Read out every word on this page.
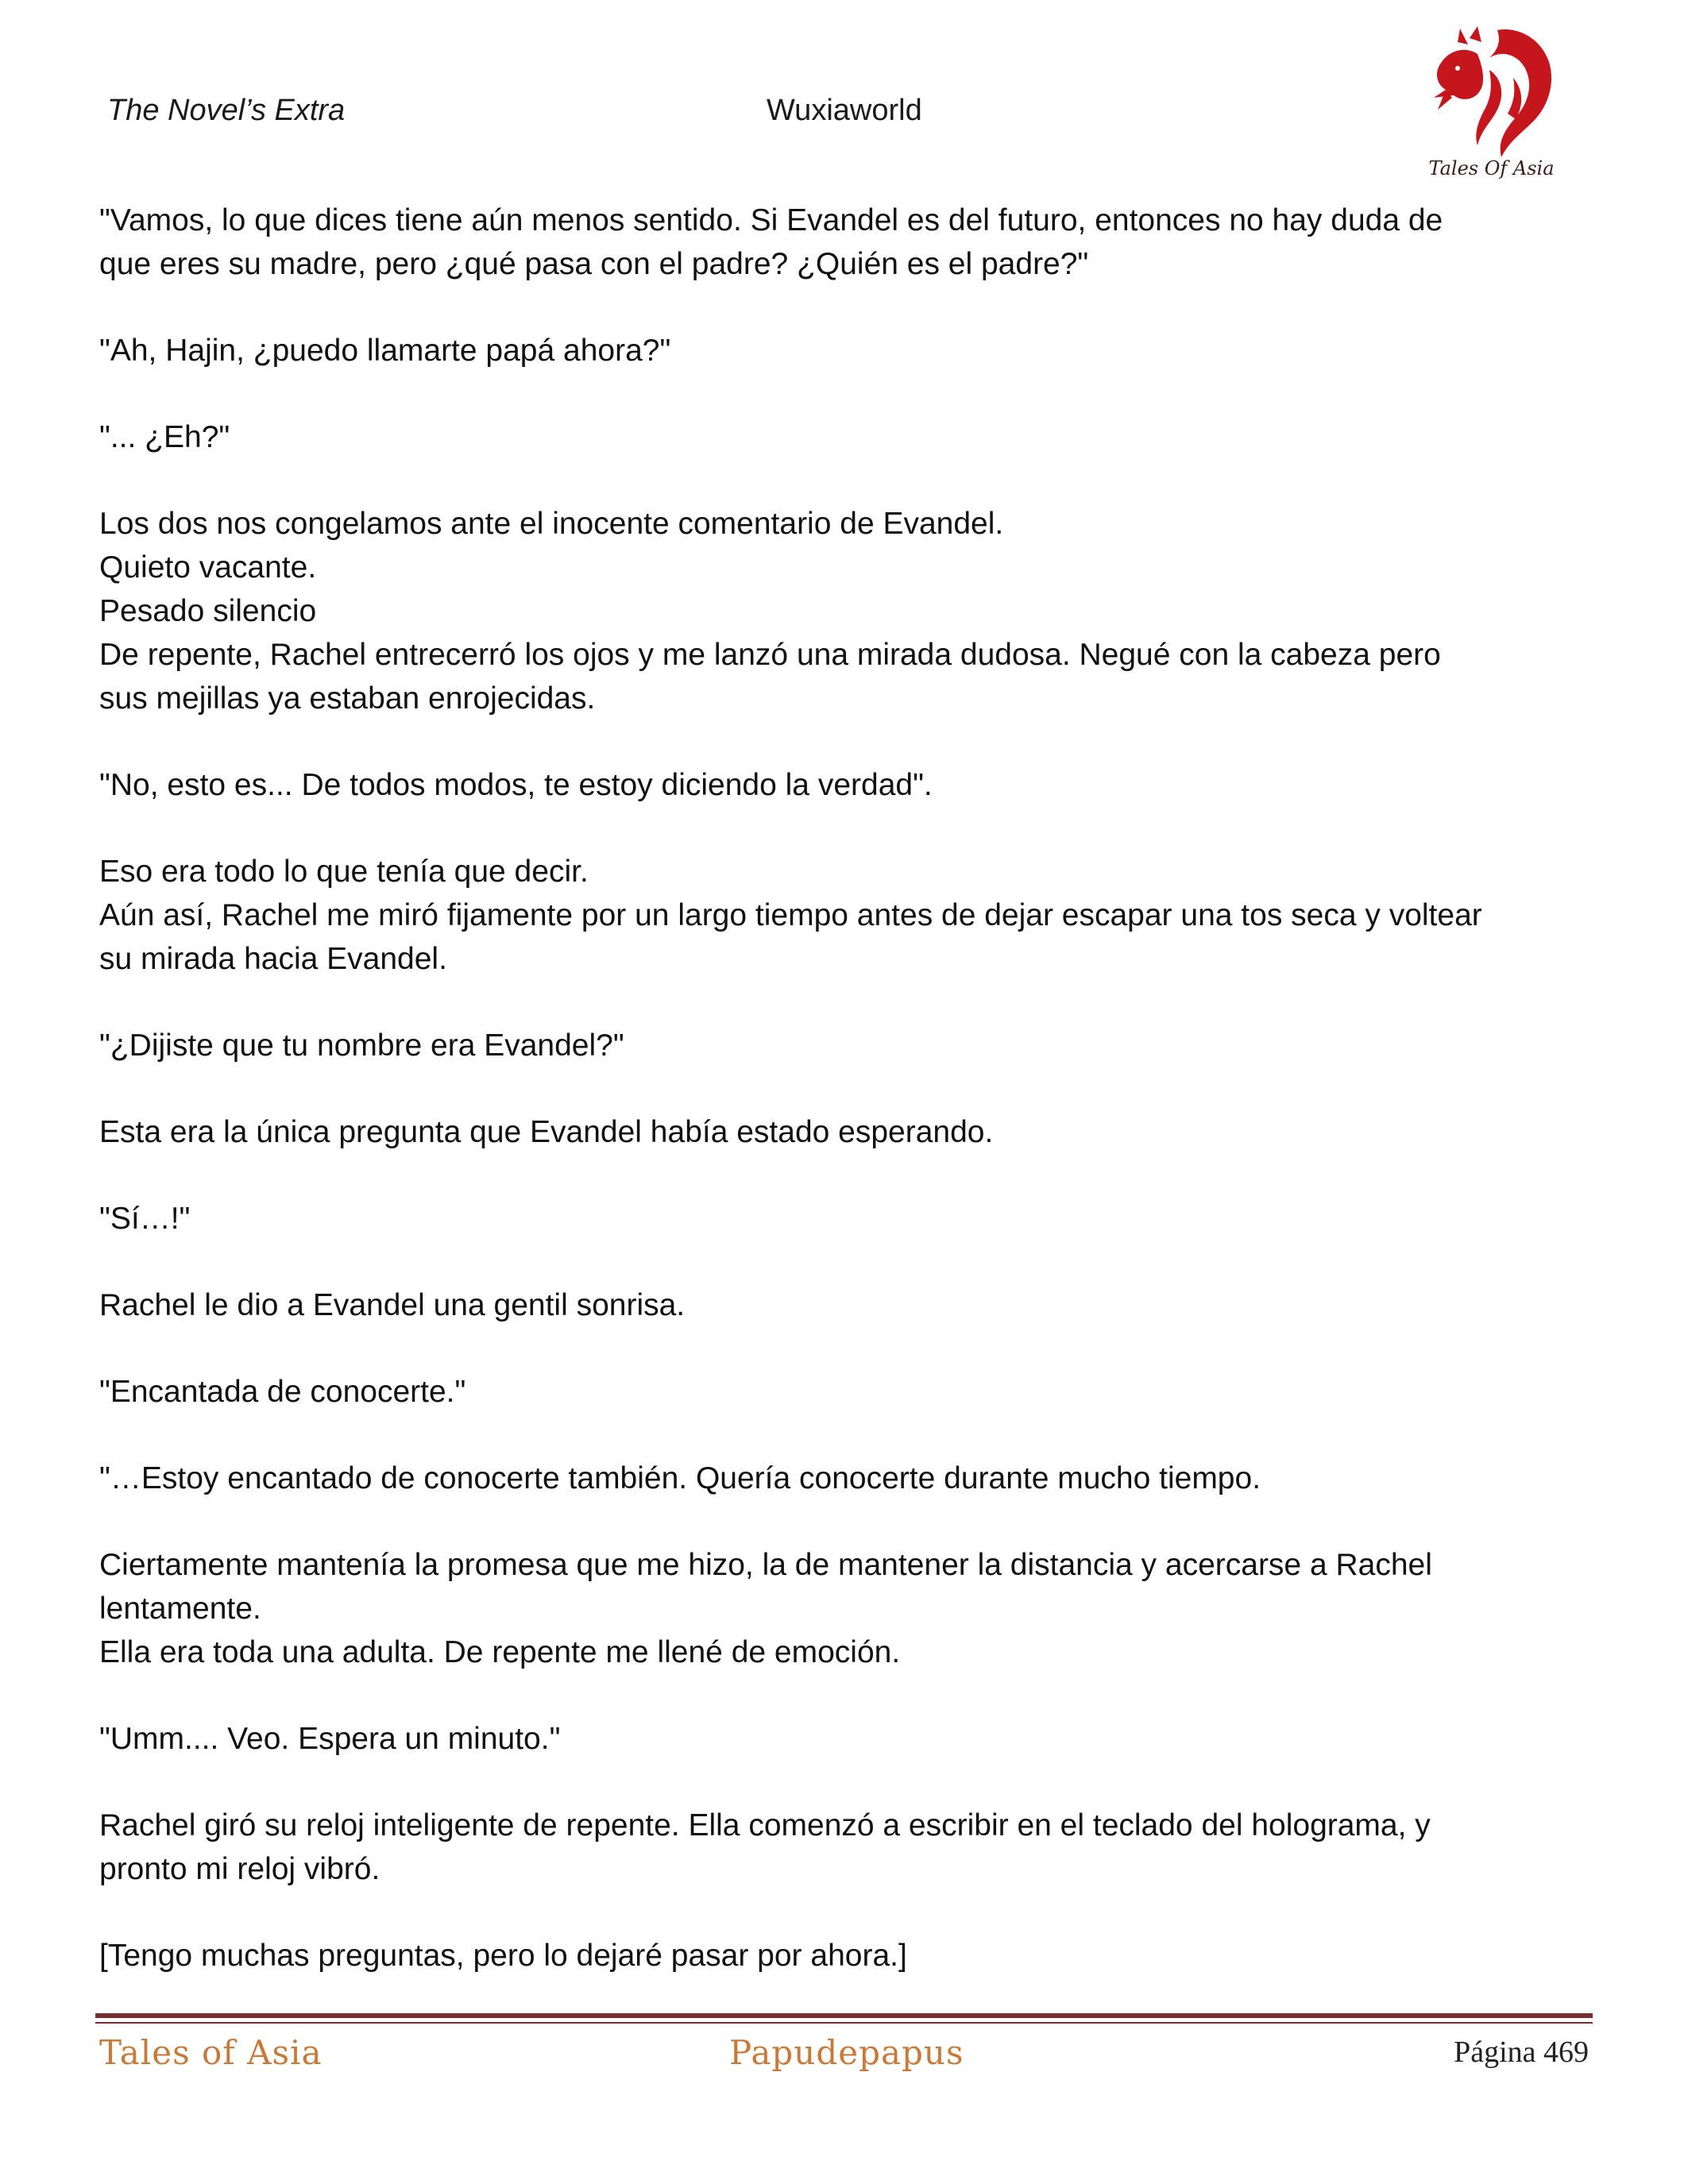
The Novel’s Extra	Wuxiaworld
Tales Of Asia

"Vamos, lo que dices tiene aún menos sentido. Si Evandel es del futuro, entonces no hay duda de
que eres su madre, pero ¿qué pasa con el padre? ¿Quién es el padre?"

"Ah, Hajin, ¿puedo llamarte papá ahora?"

"... ¿Eh?"

Los dos nos congelamos ante el inocente comentario de Evandel.
Quieto vacante.
Pesado silencio
De repente, Rachel entrecerró los ojos y me lanzó una mirada dudosa. Negué con la cabeza pero
sus mejillas ya estaban enrojecidas.

"No, esto es... De todos modos, te estoy diciendo la verdad".

Eso era todo lo que tenía que decir.
Aún así, Rachel me miró fijamente por un largo tiempo antes de dejar escapar una tos seca y voltear
su mirada hacia Evandel.

"¿Dijiste que tu nombre era Evandel?"

Esta era la única pregunta que Evandel había estado esperando.

"Sí…!"

Rachel le dio a Evandel una gentil sonrisa.

"Encantada de conocerte."

"…Estoy encantado de conocerte también. Quería conocerte durante mucho tiempo.

Ciertamente mantenía la promesa que me hizo, la de mantener la distancia y acercarse a Rachel
lentamente.
Ella era toda una adulta. De repente me llené de emoción.

"Umm.... Veo. Espera un minuto."

Rachel giró su reloj inteligente de repente. Ella comenzó a escribir en el teclado del holograma, y
pronto mi reloj vibró.

[Tengo muchas preguntas, pero lo dejaré pasar por ahora.]

Tales of Asia	Papudepapus	Página 469
